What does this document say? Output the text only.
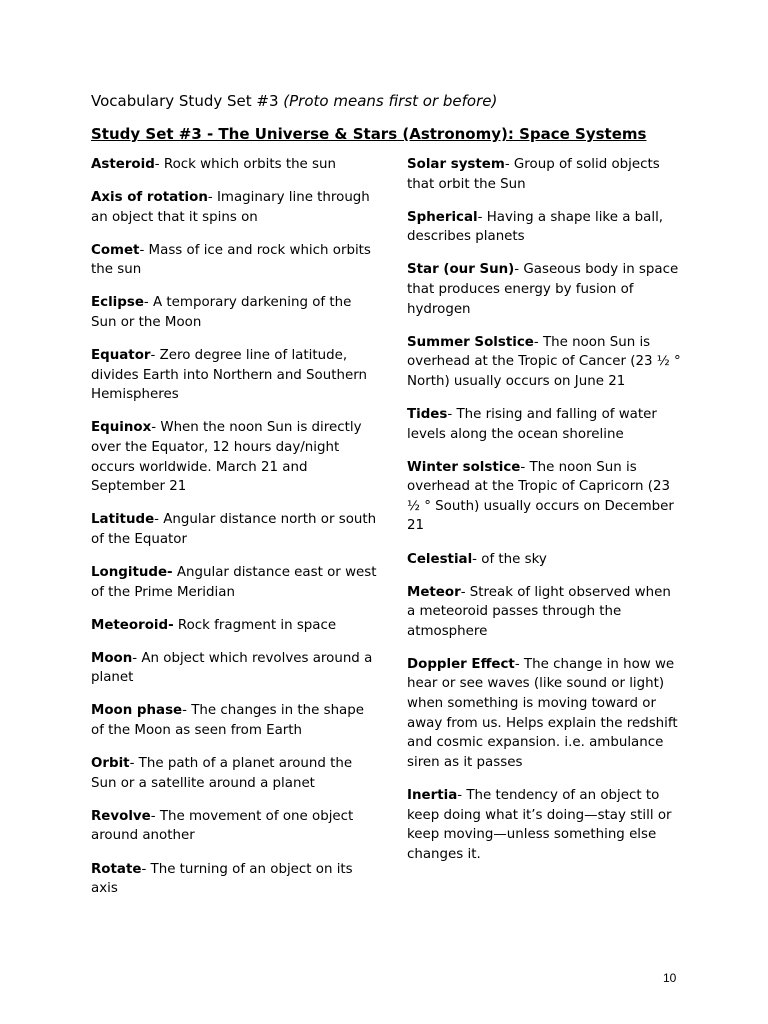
Vocabulary Study Set #3 (Proto means first or before)
Study Set #3 - The Universe & Stars (Astronomy): Space Systems
Asteroid- Rock which orbits the sun
Axis of rotation- Imaginary line through an object that it spins on
Comet- Mass of ice and rock which orbits the sun
Eclipse- A temporary darkening of the Sun or the Moon
Equator- Zero degree line of latitude, divides Earth into Northern and Southern Hemispheres
Equinox- When the noon Sun is directly over the Equator, 12 hours day/night occurs worldwide. March 21 and September 21
Latitude- Angular distance north or south of the Equator
Longitude- Angular distance east or west of the Prime Meridian
Meteoroid- Rock fragment in space
Moon- An object which revolves around a planet
Moon phase- The changes in the shape of the Moon as seen from Earth
Orbit- The path of a planet around the Sun or a satellite around a planet
Revolve- The movement of one object around another
Rotate- The turning of an object on its axis
Solar system- Group of solid objects that orbit the Sun
Spherical- Having a shape like a ball, describes planets
Star (our Sun)- Gaseous body in space that produces energy by fusion of hydrogen
Summer Solstice- The noon Sun is overhead at the Tropic of Cancer (23 ½ ° North) usually occurs on June 21
Tides- The rising and falling of water levels along the ocean shoreline
Winter solstice- The noon Sun is overhead at the Tropic of Capricorn (23 ½ ° South) usually occurs on December 21
Celestial- of the sky
Meteor- Streak of light observed when a meteoroid passes through the atmosphere
Doppler Effect- The change in how we hear or see waves (like sound or light) when something is moving toward or away from us. Helps explain the redshift and cosmic expansion. i.e. ambulance siren as it passes
Inertia- The tendency of an object to keep doing what it’s doing—stay still or keep moving—unless something else changes it.
10
